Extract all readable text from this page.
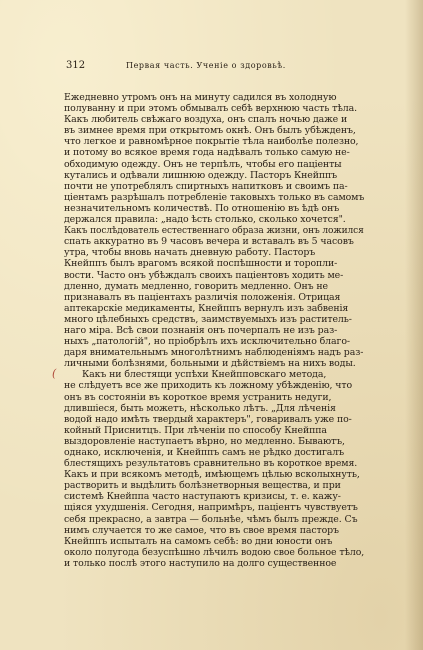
312	Первая часть. Ученіе о здоровьѣ.
(
Ежедневно утромъ онъ на минуту садился въ холодную
полуванну и при этомъ обмывалъ себѣ верхнюю часть тѣла.
Какъ любитель свѣжаго воздуха, онъ спалъ ночью даже и
въ зимнее время при открытомъ окнѣ. Онъ былъ убѣжденъ,
что легкое и равномѣрное покрытіе тѣла наиболѣе полезно,
и потому во всякое время года надѣвалъ только самую не-
обходимую одежду. Онъ не терпѣлъ, чтобы его паціенты
кутались и одѣвали лишнюю одежду. Пасторъ Кнейппъ
почти не употреблялъ спиртныхъ напитковъ и своимъ па-
ціентамъ разрѣшалъ потребленіе таковыхъ только въ самомъ
незначительномъ количествѣ. По отношенію въ ѣдѣ онъ
держался правила: „надо ѣсть столько, сколько хочется".
Какъ послѣдователь естественнаго образа жизни, онъ ложился
спать аккуратно въ 9 часовъ вечера и вставалъ въ 5 часовъ
утра, чтобы вновь начать дневную работу. Пасторъ
Кнейппъ былъ врагомъ всякой поспѣшности и торопли-
вости. Часто онъ убѣждалъ своихъ паціентовъ ходить ме-
дленно, думать медленно, говорить медленно. Онъ не
признавалъ въ паціентахъ различія положенія. Отрицая
аптекарскіе медикаменты, Кнейппъ вернулъ изъ забвенія
много цѣлебныхъ средствъ, заимствуемыхъ изъ раститель-
наго міра. Всѣ свои познанія онъ почерпалъ не изъ раз-
ныхъ „патологій", но пріобрѣлъ ихъ исключительно благо-
даря внимательнымъ многолѣтнимъ наблюденіямъ надъ раз-
личными болѣзнями, больными и дѣйствіемъ на нихъ воды.
Какъ ни блестящи успѣхи Кнейпповскаго метода,
не слѣдуетъ все же приходить къ ложному убѣжденію, что
онъ въ состояніи въ короткое время устранить недуги,
длившіеся, быть можетъ, нѣсколько лѣтъ. „Для лѣченія
водой надо имѣть твердый характеръ", говаривалъ уже по-
койный Приснитцъ. При лѣченіи по способу Кнейппа
выздоровленіе наступаетъ вѣрно, но медленно. Бываютъ,
однако, исключенія, и Кнейппъ самъ не рѣдко достигалъ
блестящихъ результатовъ сравнительно въ короткое время.
Какъ и при всякомъ методѣ, имѣющемъ цѣлью всколыхнуть,
растворить и выдѣлить болѣзнетворныя вещества, и при
системѣ Кнейппа часто наступаютъ кризисы, т. е. кажу-
щіяся ухудшенія. Сегодня, напримѣръ, паціентъ чувствуетъ
себя прекрасно, а завтра — больнѣе, чѣмъ былъ прежде. Съ
нимъ случается то же самое, что въ свое время пасторъ
Кнейппъ испыталъ на самомъ себѣ: во дни юности онъ
около полугода безуспѣшно лѣчилъ водою свое больное тѣло,
и только послѣ этого наступило на долго существенное
